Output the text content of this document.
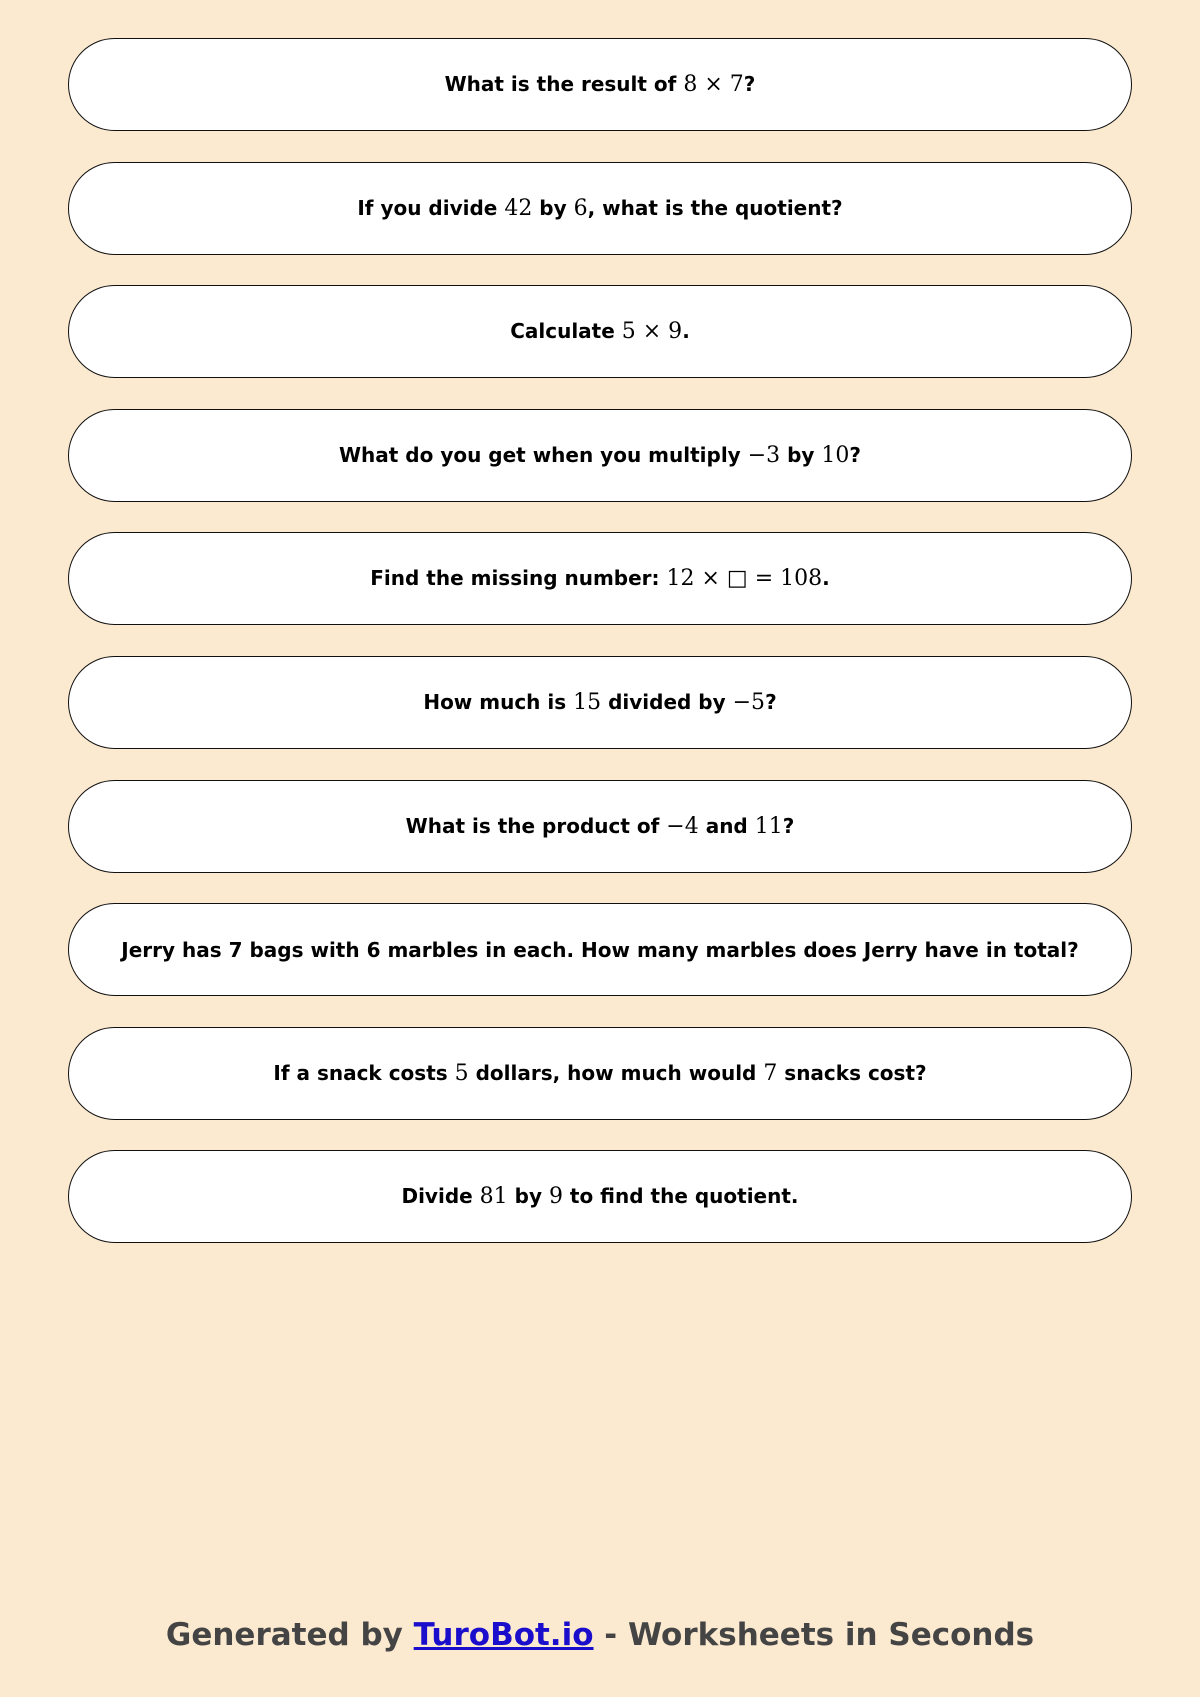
What is the result of 8 × 7?
If you divide 42 by 6, what is the quotient?
Calculate 5 × 9.
What do you get when you multiply −3 by 10?
Find the missing number: 12 × □ = 108.
How much is 15 divided by −5?
What is the product of −4 and 11?
Jerry has 7 bags with 6 marbles in each. How many marbles does Jerry have in total?
If a snack costs 5 dollars, how much would 7 snacks cost?
Divide 81 by 9 to find the quotient.
Generated by TuroBot.io - Worksheets in Seconds
